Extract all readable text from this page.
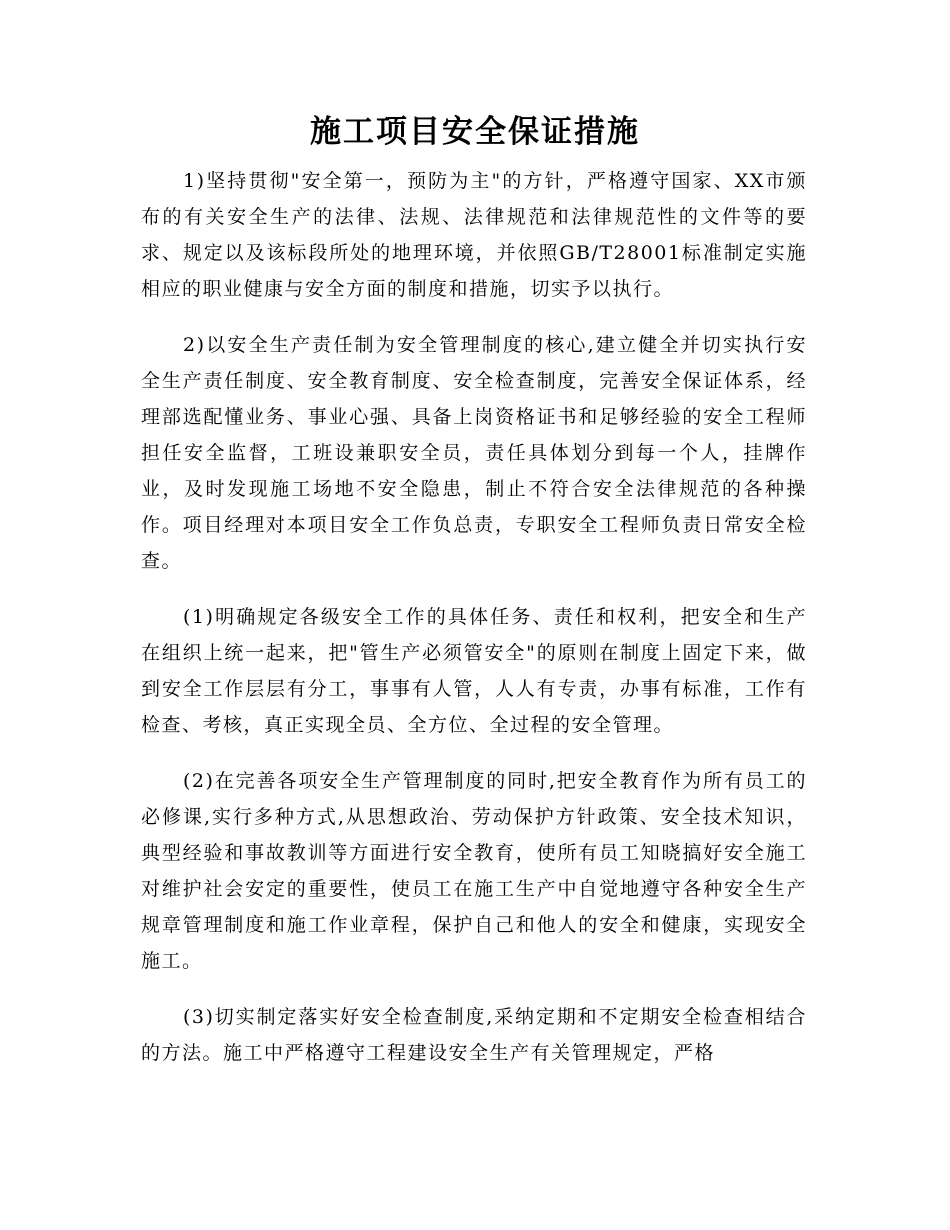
施工项目安全保证措施

1)坚持贯彻"安全第一，预防为主"的方针，严格遵守国家、XX市颁布的有关安全生产的法律、法规、法律规范和法律规范性的文件等的要求、规定以及该标段所处的地理环境，并依照GB/T28001标准制定实施相应的职业健康与安全方面的制度和措施，切实予以执行。

2)以安全生产责任制为安全管理制度的核心,建立健全并切实执行安全生产责任制度、安全教育制度、安全检查制度，完善安全保证体系，经理部选配懂业务、事业心强、具备上岗资格证书和足够经验的安全工程师担任安全监督，工班设兼职安全员，责任具体划分到每一个人，挂牌作业，及时发现施工场地不安全隐患，制止不符合安全法律规范的各种操作。项目经理对本项目安全工作负总责，专职安全工程师负责日常安全检查。

(1)明确规定各级安全工作的具体任务、责任和权利，把安全和生产在组织上统一起来，把"管生产必须管安全"的原则在制度上固定下来，做到安全工作层层有分工，事事有人管，人人有专责，办事有标准，工作有检查、考核，真正实现全员、全方位、全过程的安全管理。

(2)在完善各项安全生产管理制度的同时,把安全教育作为所有员工的必修课,实行多种方式,从思想政治、劳动保护方针政策、安全技术知识，典型经验和事故教训等方面进行安全教育，使所有员工知晓搞好安全施工对维护社会安定的重要性，使员工在施工生产中自觉地遵守各种安全生产规章管理制度和施工作业章程，保护自己和他人的安全和健康，实现安全施工。

(3)切实制定落实好安全检查制度,采纳定期和不定期安全检查相结合的方法。施工中严格遵守工程建设安全生产有关管理规定，严格
